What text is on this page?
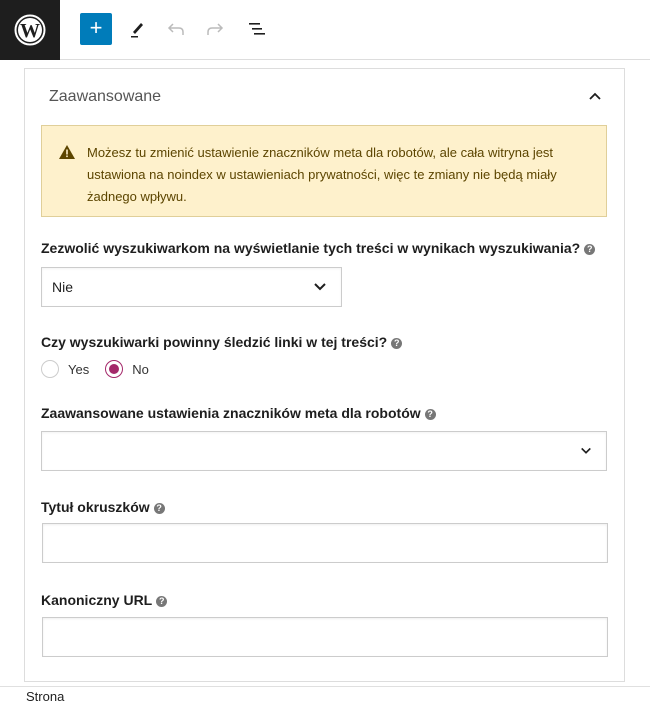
W	+
Zaawansowane
Możesz tu zmienić ustawienie znaczników meta dla robotów, ale cała witryna jest ustawiona na noindex w ustawieniach prywatności, więc te zmiany nie będą miały żadnego wpływu.
Zezwolić wyszukiwarkom na wyświetlanie tych treści w wynikach wyszukiwania? ?
Nie
Czy wyszukiwarki powinny śledzić linki w tej treści? ?
Yes	No
Zaawansowane ustawienia znaczników meta dla robotów ?
Tytuł okruszków ?
Kanoniczny URL ?
Strona
